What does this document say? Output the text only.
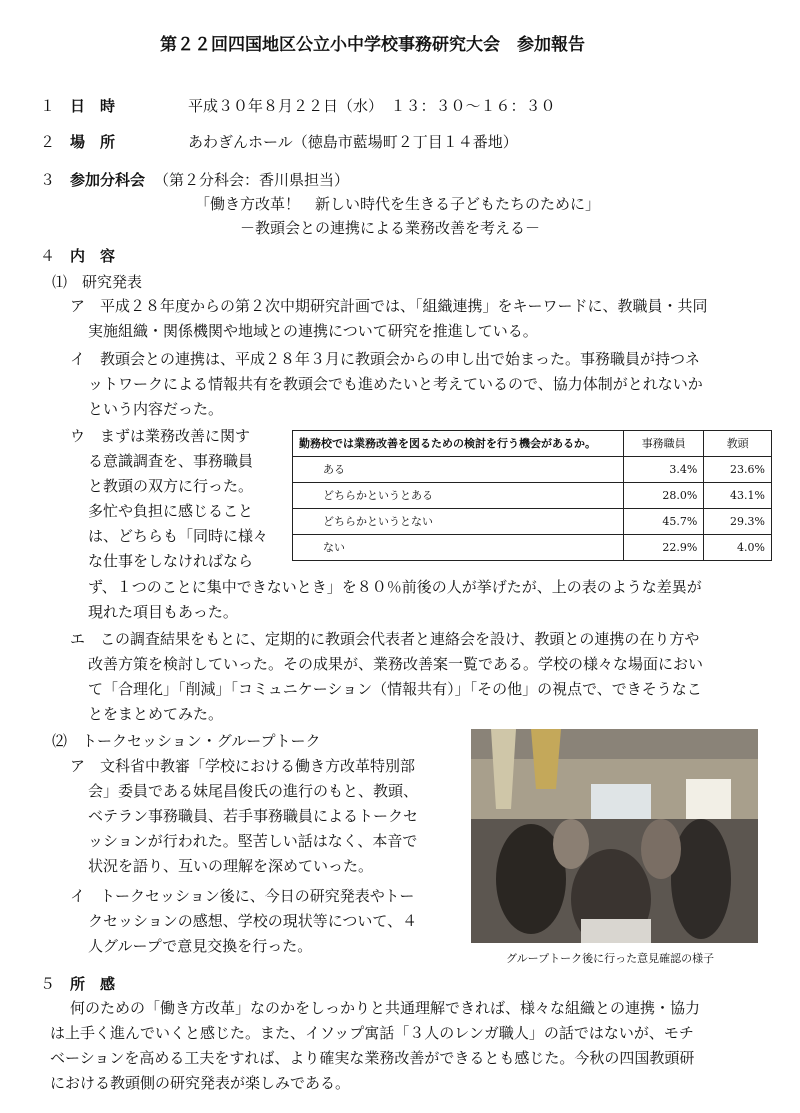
第２２回四国地区公立小中学校事務研究大会　参加報告
１ 日　時	平成３０年８月２２日（水）　１３：３０～１６：３０
２ 場　所	あわぎんホール（徳島市藍場町２丁目１４番地）
３ 参加分科会 （第２分科会：香川県担当）
「働き方改革！　新しい時代を生きる子どもたちのために」
－教頭会との連携による業務改善を考える－
４ 内　容
⑴　研究発表
ア　平成２８年度からの第２次中期研究計画では、「組織連携」をキーワードに、教職員・共同
実施組織・関係機関や地域との連携について研究を推進している。
イ　教頭会との連携は、平成２８年３月に教頭会からの申し出で始まった。事務職員が持つネ
ットワークによる情報共有を教頭会でも進めたいと考えているので、協力体制がとれないか
という内容だった。
ウ　まずは業務改善に関す
る意識調査を、事務職員
と教頭の双方に行った。
多忙や負担に感じること
は、どちらも「同時に様々
な仕事をしなければなら
勤務校では業務改善を図るための検討を行う機会があるか。	事務職員	教頭
ある	3.4%	23.6%
どちらかというとある	28.0%	43.1%
どちらかというとない	45.7%	29.3%
ない	22.9%	4.0%
ず、１つのことに集中できないとき」を８０％前後の人が挙げたが、上の表のような差異が
現れた項目もあった。
エ　この調査結果をもとに、定期的に教頭会代表者と連絡会を設け、教頭との連携の在り方や
改善方策を検討していった。その成果が、業務改善案一覧である。学校の様々な場面におい
て「合理化」「削減」「コミュニケーション（情報共有）」「その他」の視点で、できそうなこ
とをまとめてみた。
⑵　トークセッション・グループトーク
ア　文科省中教審「学校における働き方改革特別部
会」委員である妹尾昌俊氏の進行のもと、教頭、
ベテラン事務職員、若手事務職員によるトークセ
ッションが行われた。堅苦しい話はなく、本音で
状況を語り、互いの理解を深めていった。
イ　トークセッション後に、今日の研究発表やトー
クセッションの感想、学校の現状等について、４
人グループで意見交換を行った。
グループトーク後に行った意見確認の様子
５ 所　感
何のための「働き方改革」なのかをしっかりと共通理解できれば、様々な組織との連携・協力
は上手く進んでいくと感じた。また、イソップ寓話「３人のレンガ職人」の話ではないが、モチ
ベーションを高める工夫をすれば、より確実な業務改善ができるとも感じた。今秋の四国教頭研
における教頭側の研究発表が楽しみである。
